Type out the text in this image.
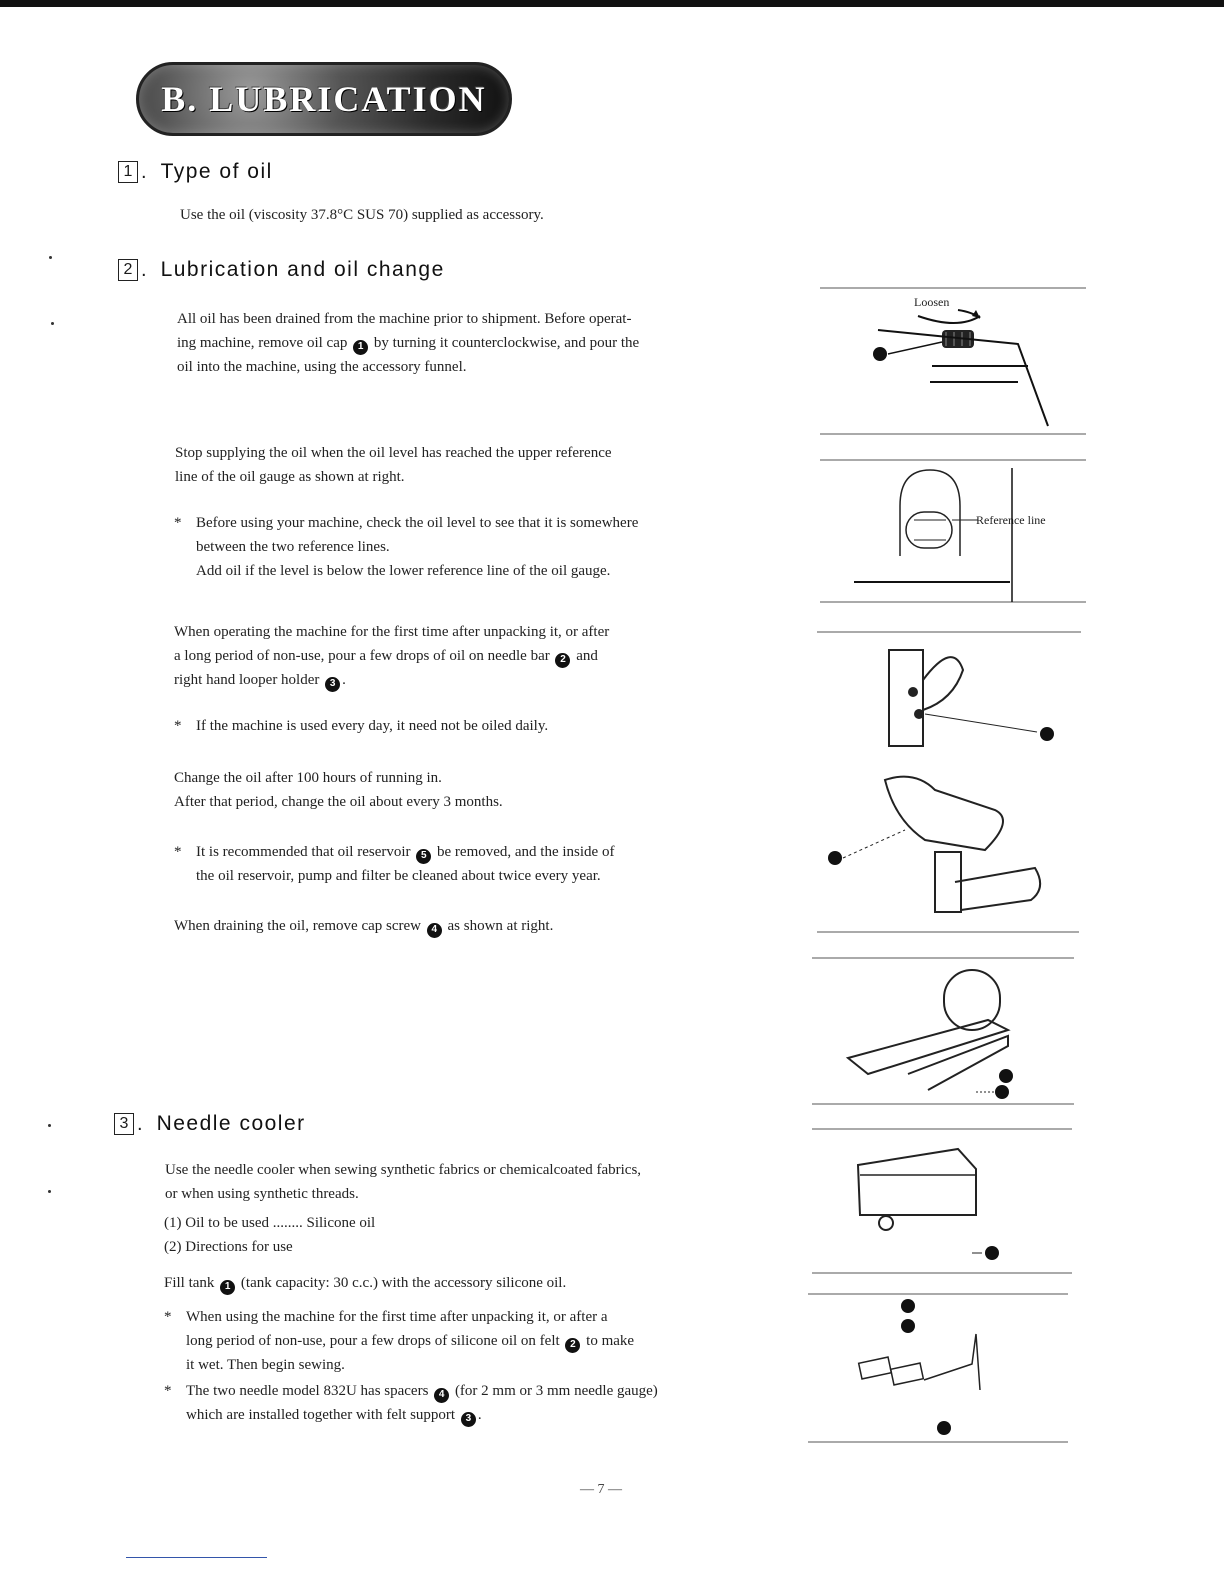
B. LUBRICATION
1 . Type of oil

Use the oil (viscosity 37.8°C SUS 70) supplied as accessory.

2 . Lubrication and oil change

All oil has been drained from the machine prior to shipment. Before operat-

ing machine, remove oil cap 1 by turning it counterclockwise, and pour the

oil into the machine, using the accessory funnel.

Stop supplying the oil when the oil level has reached the upper reference

line of the oil gauge as shown at right.

* Before using your machine, check the oil level to see that it is somewhere

between the two reference lines.

Add oil if the level is below the lower reference line of the oil gauge.

When operating the machine for the first time after unpacking it, or after

a long period of non-use, pour a few drops of oil on needle bar 2 and

right hand looper holder 3 .

* If the machine is used every day, it need not be oiled daily.

Change the oil after 100 hours of running in.

After that period, change the oil about every 3 months.

* It is recommended that oil reservoir 5 be removed, and the inside of

the oil reservoir, pump and filter be cleaned about twice every year.

When draining the oil, remove cap screw 4 as shown at right.

3 . Needle cooler

Use the needle cooler when sewing synthetic fabrics or chemicalcoated fabrics,

or when using synthetic threads.

(1) Oil to be used ........ Silicone oil

(2) Directions for use

Fill tank 1 (tank capacity: 30 c.c.) with the accessory silicone oil.

* When using the machine for the first time after unpacking it, or after a

long period of non-use, pour a few drops of silicone oil on felt 2 to make

it wet. Then begin sewing.

* The two needle model 832U has spacers 4 (for 2 mm or 3 mm needle gauge)

which are installed together with felt support 3 .

Loosen
Reference line
— 7 —
